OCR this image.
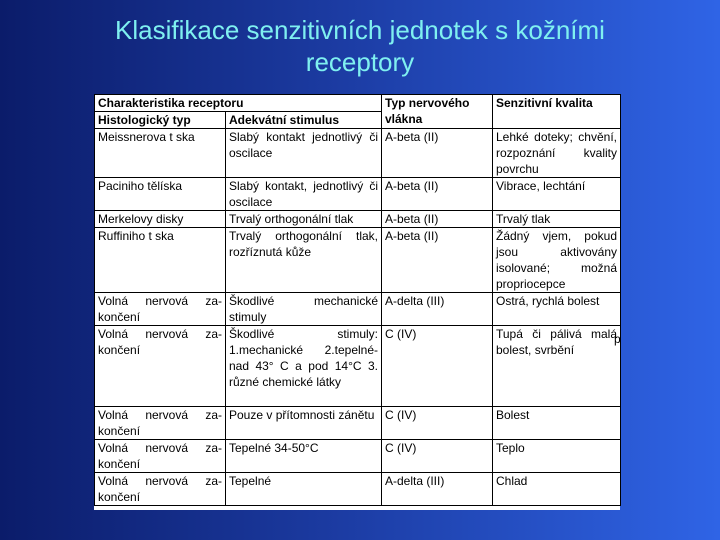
Klasifikace senzitivních jednotek s kožními
receptory
Charakteristika receptoru		Typ nervového vlákna	Senzitivní kvalita
Histologický typ	Adekvátní stimulus		
Meissnerova t ska	Slabý kontakt jednotlivý či oscilace	A-beta (II)	Lehké doteky; chvění, rozpoznání kvality povrchu
Paciniho tělíska	Slabý kontakt, jednotlivý či oscilace	A-beta (II)	Vibrace, lechtání
Merkelovy disky	Trvalý orthogonální tlak	A-beta (II)	Trvalý tlak
Ruffiniho t ska	Trvalý orthogonální tlak, rozříznutá kůže	A-beta (II)	Žádný vjem, pokud jsou aktivovány isolované; možná propriocepce
Volná nervová za-končení	Škodlivé mechanické stimuly	A-delta (III)	Ostrá, rychlá bolest
Volná nervová za-končení	Škodlivé stimuly: 1.mechanické 2.tepelné-nad 43° C a pod 14°C 3. různé chemické látky	C (IV)	Tupá či pálivá malá bolest, svrbění
Volná nervová za-končení	Pouze v přítomnosti zánětu	C (IV)	Bolest
Volná nervová za-končení	Tepelné 34-50°C	C (IV)	Teplo
Volná nervová za-končení	Tepelné	A-delta (III)	Chlad
p
